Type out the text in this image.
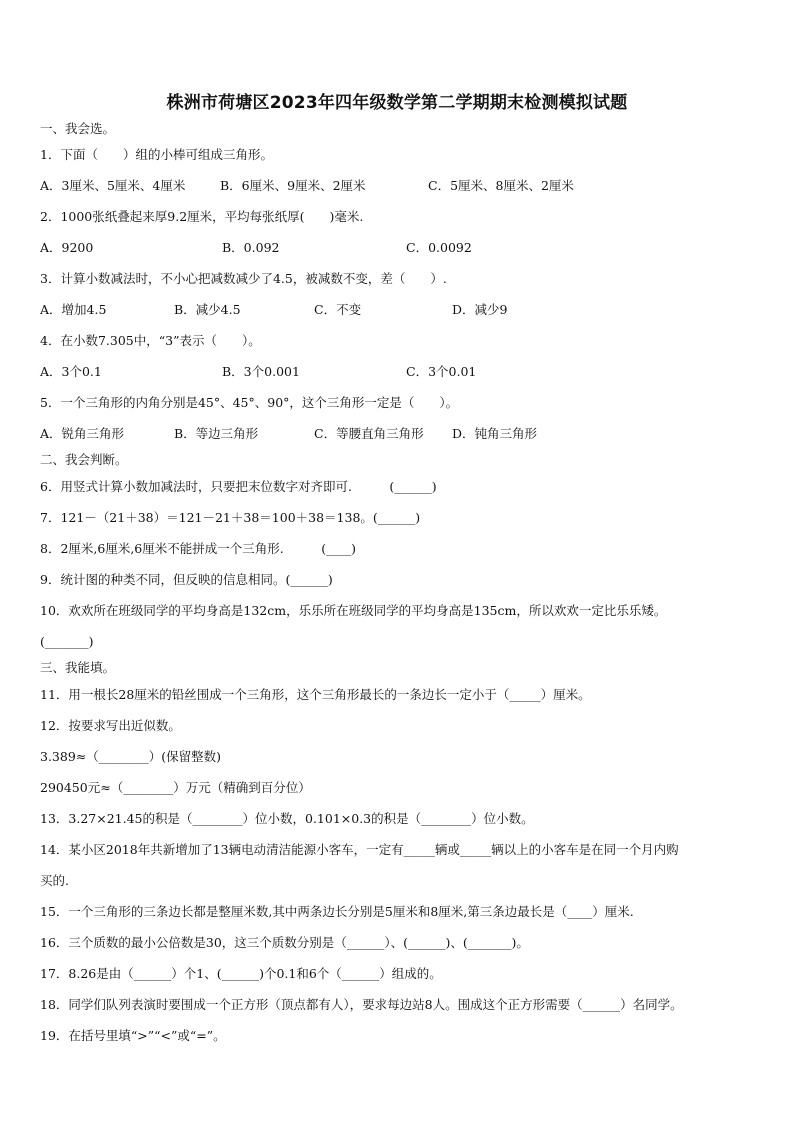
株洲市荷塘区2023年四年级数学第二学期期末检测模拟试题
一、我会选。
1．下面（　　）组的小棒可组成三角形。
A．3厘米、5厘米、4厘米	B．6厘米、9厘米、2厘米	C．5厘米、8厘米、2厘米
2．1000张纸叠起来厚9.2厘米，平均每张纸厚(　　)毫米.
A．9200	B．0.092	C．0.0092
3．计算小数减法时，不小心把减数减少了4.5，被减数不变，差（　　）.
A．增加4.5	B．减少4.5	C．不变	D．减少9
4．在小数7.305中，“3”表示（　　）。
A．3个0.1	B．3个0.001	C．3个0.01
5．一个三角形的内角分别是45°、45°、90°，这个三角形一定是（　　）。
A．锐角三角形	B．等边三角形	C．等腰直角三角形 D．钝角三角形
二、我会判断。
6．用竖式计算小数加减法时，只要把末位数字对齐即可.　　　(______)
7．121－（21＋38）＝121－21＋38＝100＋38＝138。(______)
8．2厘米,6厘米,6厘米不能拼成一个三角形.　　　(____)
9．统计图的种类不同，但反映的信息相同。(______)
10．欢欢所在班级同学的平均身高是132cm，乐乐所在班级同学的平均身高是135cm，所以欢欢一定比乐乐矮。
(_______)
三、我能填。
11．用一根长28厘米的铅丝围成一个三角形，这个三角形最长的一条边长一定小于（_____）厘米。
12．按要求写出近似数。
3.389≈（________）(保留整数)
290450元≈（________）万元（精确到百分位）
13．3.27×21.45的积是（________）位小数，0.101×0.3的积是（________）位小数。
14．某小区2018年共新增加了13辆电动清洁能源小客车，一定有_____辆或_____辆以上的小客车是在同一个月内购
买的.
15．一个三角形的三条边长都是整厘米数,其中两条边长分别是5厘米和8厘米,第三条边最长是（____）厘米.
16．三个质数的最小公倍数是30，这三个质数分别是（______）、(______)、(_______)。
17．8.26是由（______）个1、(______)个0.1和6个（______）组成的。
18．同学们队列表演时要围成一个正方形（顶点都有人），要求每边站8人。围成这个正方形需要（______）名同学。
19．在括号里填“>”“<”或“=”。
